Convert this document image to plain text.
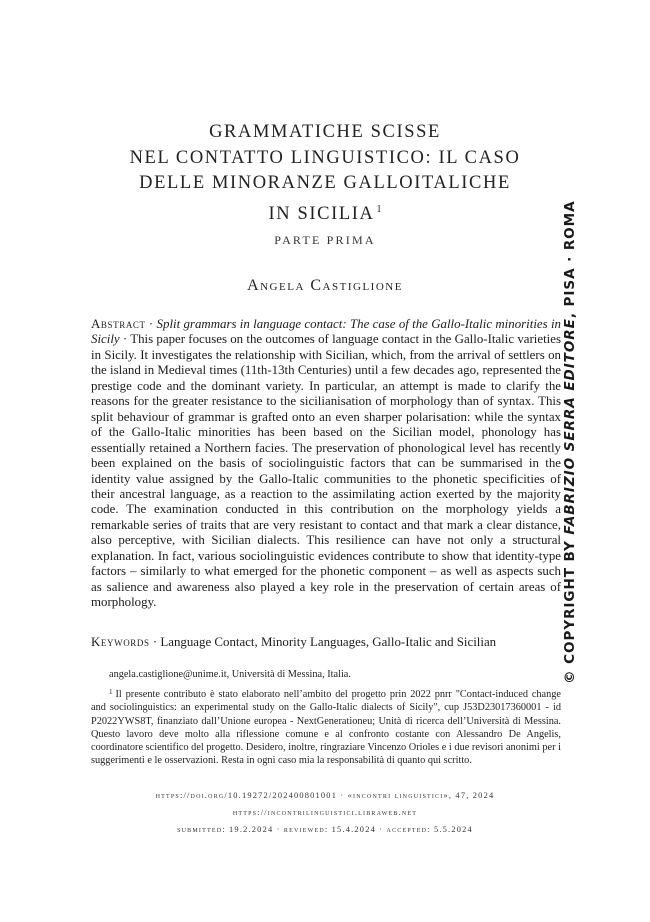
GRAMMATICHE SCISSE
NEL CONTATTO LINGUISTICO: IL CASO
DELLE MINORANZE GALLOITALICHE
IN SICILIA $^1$
PARTE PRIMA
Angela Castiglione
Abstract · Split grammars in language contact: The case of the Gallo-Italic minorities in Sicily · This paper focuses on the outcomes of language contact in the Gallo-Italic varieties in Sicily. It investigates the relationship with Sicilian, which, from the arrival of settlers on the island in Medieval times (11th-13th Centuries) until a few decades ago, represented the prestige code and the dominant variety. In particular, an attempt is made to clarify the reasons for the greater resistance to the sicilianisation of morphology than of syntax. This split behaviour of grammar is grafted onto an even sharper polarisation: while the syntax of the Gallo-Italic minorities has been based on the Sicilian model, phonology has essentially retained a Northern facies. The preservation of phonological level has recently been explained on the basis of sociolinguistic factors that can be summarised in the identity value assigned by the Gallo-Italic communities to the phonetic specificities of their ancestral language, as a reaction to the assimilating action exerted by the majority code. The examination conducted in this contribution on the morphology yields a remarkable series of traits that are very resistant to contact and that mark a clear distance, also perceptive, with Sicilian dialects. This resilience can have not only a structural explanation. In fact, various sociolinguistic evidences contribute to show that identity-type factors – similarly to what emerged for the phonetic component – as well as aspects such as salience and awareness also played a key role in the preservation of certain areas of morphology.
Keywords · Language Contact, Minority Languages, Gallo-Italic and Sicilian
angela.castiglione@unime.it, Università di Messina, Italia.
$^1$ Il presente contributo è stato elaborato nell’ambito del progetto prin 2022 pnrr "Contact-induced change and sociolinguistics: an experimental study on the Gallo-Italic dialects of Sicily", cup J53D23017360001 - id P2022YWS8T, finanziato dall’Unione europea - NextGenerationeu; Unità di ricerca dell’Università di Messina. Questo lavoro deve molto alla riflessione comune e al confronto costante con Alessandro De Angelis, coordinatore scientifico del progetto. Desidero, inoltre, ringraziare Vincenzo Orioles e i due revisori anonimi per i suggerimenti e le osservazioni. Resta in ogni caso mia la responsabilità di quanto qui scritto.
https://doi.org/10.19272/202400801001 · «incontri linguistici», 47, 2024
https://incontrilinguistici.libraweb.net
submitted: 19.2.2024 · reviewed: 15.4.2024 · accepted: 5.5.2024
© COPYRIGHT BY FABRIZIO SERRA EDITORE, PISA · ROMA
